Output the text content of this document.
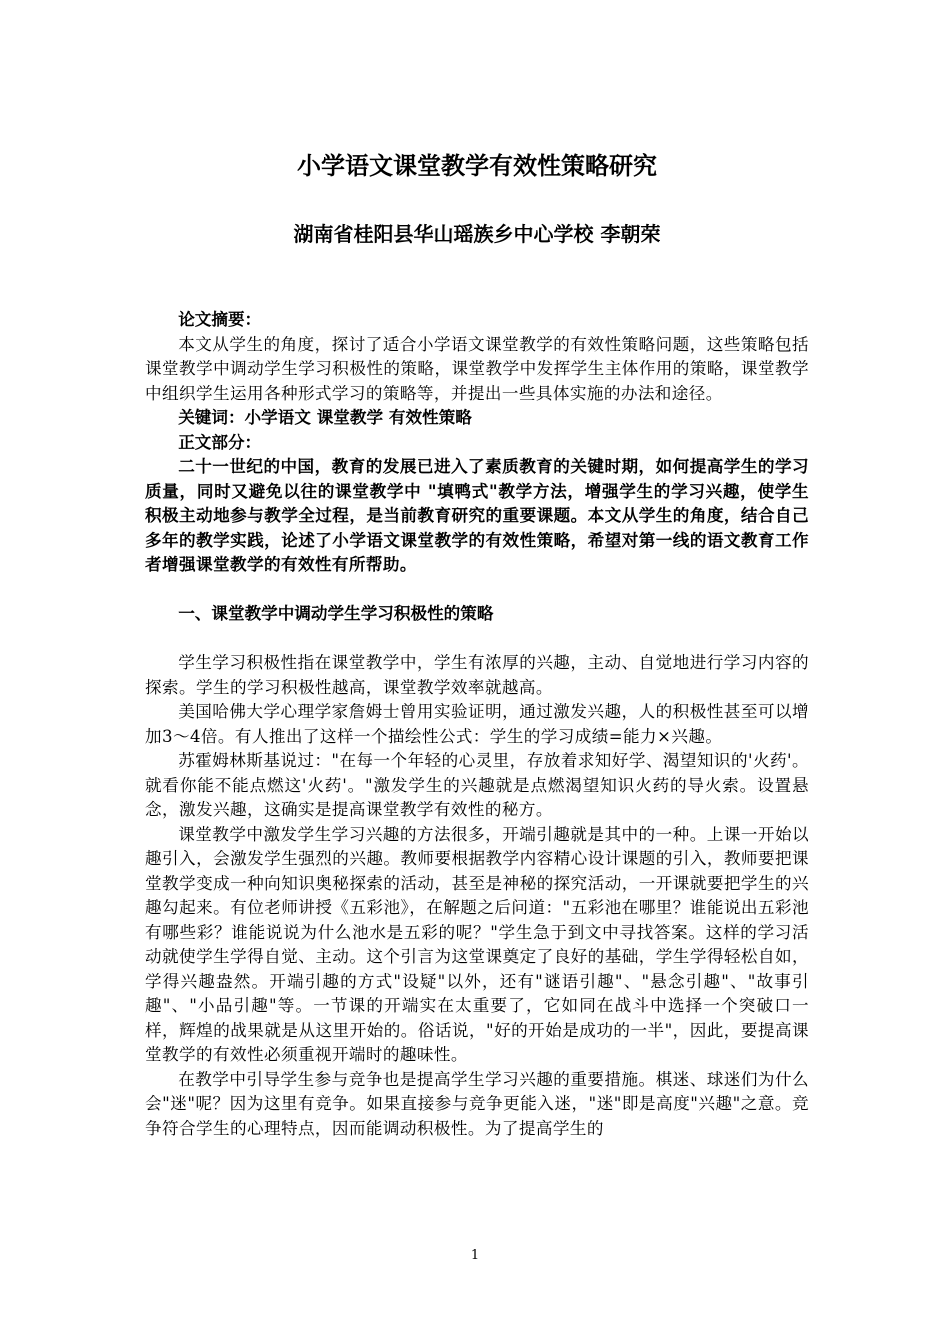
小学语文课堂教学有效性策略研究
湖南省桂阳县华山瑶族乡中心学校 李朝荣

论文摘要：

本文从学生的角度，探讨了适合小学语文课堂教学的有效性策略问题，这些策略包括课堂教学中调动学生学习积极性的策略，课堂教学中发挥学生主体作用的策略，课堂教学中组织学生运用各种形式学习的策略等，并提出一些具体实施的办法和途径。

关键词：小学语文 课堂教学 有效性策略

正文部分：

二十一世纪的中国，教育的发展已进入了素质教育的关键时期，如何提高学生的学习质量，同时又避免以往的课堂教学中 "填鸭式"教学方法，增强学生的学习兴趣，使学生积极主动地参与教学全过程，是当前教育研究的重要课题。本文从学生的角度，结合自己多年的教学实践，论述了小学语文课堂教学的有效性策略，希望对第一线的语文教育工作者增强课堂教学的有效性有所帮助。

一、课堂教学中调动学生学习积极性的策略

学生学习积极性指在课堂教学中，学生有浓厚的兴趣，主动、自觉地进行学习内容的探索。学生的学习积极性越高，课堂教学效率就越高。

美国哈佛大学心理学家詹姆士曾用实验证明，通过激发兴趣，人的积极性甚至可以增加3～4倍。有人推出了这样一个描绘性公式：学生的学习成绩=能力×兴趣。

苏霍姆林斯基说过："在每一个年轻的心灵里，存放着求知好学、渴望知识的'火药'。就看你能不能点燃这'火药'。"激发学生的兴趣就是点燃渴望知识火药的导火索。设置悬念，激发兴趣，这确实是提高课堂教学有效性的秘方。

课堂教学中激发学生学习兴趣的方法很多，开端引趣就是其中的一种。上课一开始以趣引入，会激发学生强烈的兴趣。教师要根据教学内容精心设计课题的引入，教师要把课堂教学变成一种向知识奥秘探索的活动，甚至是神秘的探究活动，一开课就要把学生的兴趣勾起来。有位老师讲授《五彩池》，在解题之后问道："五彩池在哪里？谁能说出五彩池有哪些彩？谁能说说为什么池水是五彩的呢？"学生急于到文中寻找答案。这样的学习活动就使学生学得自觉、主动。这个引言为这堂课奠定了良好的基础，学生学得轻松自如，学得兴趣盎然。开端引趣的方式"设疑"以外，还有"谜语引趣"、"悬念引趣"、"故事引趣"、"小品引趣"等。一节课的开端实在太重要了，它如同在战斗中选择一个突破口一样，辉煌的战果就是从这里开始的。俗话说，"好的开始是成功的一半"，因此，要提高课堂教学的有效性必须重视开端时的趣味性。

在教学中引导学生参与竞争也是提高学生学习兴趣的重要措施。棋迷、球迷们为什么会"迷"呢？因为这里有竞争。如果直接参与竞争更能入迷，"迷"即是高度"兴趣"之意。竞争符合学生的心理特点，因而能调动积极性。为了提高学生的

1
